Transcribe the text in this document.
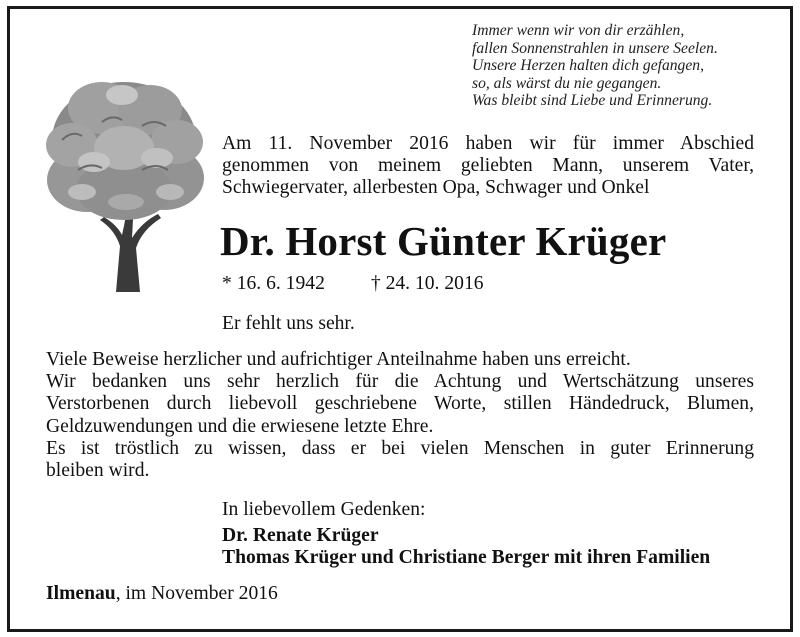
Immer wenn wir von dir erzählen,
fallen Sonnenstrahlen in unsere Seelen.
Unsere Herzen halten dich gefangen,
so, als wärst du nie gegangen.
Was bleibt sind Liebe und Erinnerung.
Am 11. November 2016 haben wir für immer Abschied
genommen von meinem geliebten Mann, unserem Vater,
Schwiegervater, allerbesten Opa, Schwager und Onkel
Dr. Horst Günter Krüger
* 16. 6. 1942 † 24. 10. 2016
Er fehlt uns sehr.
Viele Beweise herzlicher und aufrichtiger Anteilnahme haben uns erreicht.
Wir bedanken uns sehr herzlich für die Achtung und Wertschätzung unseres
Verstorbenen durch liebevoll geschriebene Worte, stillen Händedruck, Blumen,
Geldzuwendungen und die erwiesene letzte Ehre.
Es ist tröstlich zu wissen, dass er bei vielen Menschen in guter Erinnerung
bleiben wird.
In liebevollem Gedenken:
Dr. Renate Krüger
Thomas Krüger und Christiane Berger mit ihren Familien
Ilmenau, im November 2016
